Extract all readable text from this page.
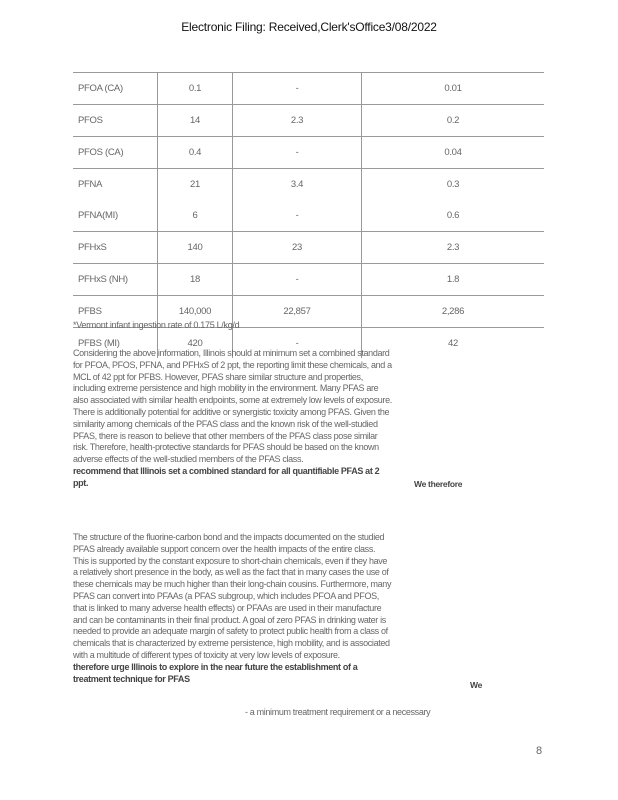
Electronic Filing: Received,Clerk'sOffice3/08/2022
PFOA (CA)	0.1	-	0.01
PFOS	14	2.3	0.2
PFOS (CA)	0.4	-	0.04
PFNA	21	3.4	0.3
PFNA(MI)	6	-	0.6
PFHxS	140	23	2.3
PFHxS (NH)	18	-	1.8
PFBS	140,000	22,857	2,286
PFBS (MI)	420	-	42
*Vermont infant ingestion rate of 0.175 L/kg/d
Considering the above information, Illinois should at minimum set a combined standard
for PFOA, PFOS, PFNA, and PFHxS of 2 ppt, the reporting limit these chemicals, and a
MCL of 42 ppt for PFBS. However, PFAS share similar structure and properties,
including extreme persistence and high mobility in the environment. Many PFAS are
also associated with similar health endpoints, some at extremely low levels of exposure.
There is additionally potential for additive or synergistic toxicity among PFAS. Given the
similarity among chemicals of the PFAS class and the known risk of the well-studied
PFAS, there is reason to believe that other members of the PFAS class pose similar
risk. Therefore, health-protective standards for PFAS should be based on the known
adverse effects of the well-studied members of the PFAS class.
recommend that Illinois set a combined standard for all quantifiable PFAS at 2
ppt.	We therefore
The structure of the fluorine-carbon bond and the impacts documented on the studied
PFAS already available support concern over the health impacts of the entire class.
This is supported by the constant exposure to short-chain chemicals, even if they have
a relatively short presence in the body, as well as the fact that in many cases the use of
these chemicals may be much higher than their long-chain cousins. Furthermore, many
PFAS can convert into PFAAs (a PFAS subgroup, which includes PFOA and PFOS,
that is linked to many adverse health effects) or PFAAs are used in their manufacture
and can be contaminants in their final product. A goal of zero PFAS in drinking water is
needed to provide an adequate margin of safety to protect public health from a class of
chemicals that is characterized by extreme persistence, high mobility, and is associated
with a multitude of different types of toxicity at very low levels of exposure.
therefore urge Illinois to explore in the near future the establishment of a
treatment technique for PFAS
We
- a minimum treatment requirement or a necessary
8
